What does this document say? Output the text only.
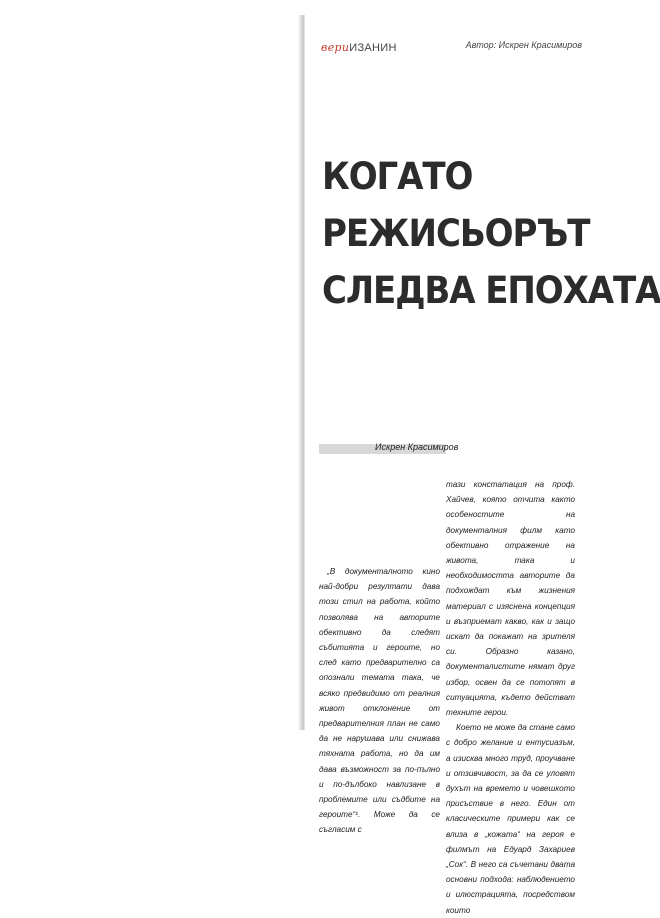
вериИЗАНИН	Автор: Искрен Красимиров
КОГАТО
РЕЖИСЬОРЪТ
СЛЕДВА ЕПОХАТА
Искрен Красимиров

„В документалното кино най-добри резултати дава този стил на работа, който позволява на авторите обективно да следят събитията и героите, но след като предварително са опознали темата така, че всяко предвидимо от реалния живот отклонение от предварителния план не само да не нарушава или снижава тяхната работа, но да им дава възможност за по-пълно и по-дълбоко навлизане в проблемите или съдбите на героите“¹. Може да се съгласим с

тази констатация на проф. Хайчев, която отчита както особеностите на документалния филм като обективно отражение на живота, така и необходимостта авторите да подхождат към жизнения материал с изяснена концепция и възприемат какво, как и защо искат да покажат на зрителя си. Образно казано, документалистите нямат друг избор, освен да се потопят в ситуацията, където действат техните герои.

Което не може да стане само с добро желание и ентусиазъм, а изисква много труд, проучване и отзивчивост, за да се уловят духът на времето и човешкото присъствие в него. Един от класическите примери как се влиза в „кожата“ на героя е филмът на Едуард Захариев „Сок“. В него са съчетани двата основни подхода: наблюдението и илюстрацията, посредством които
